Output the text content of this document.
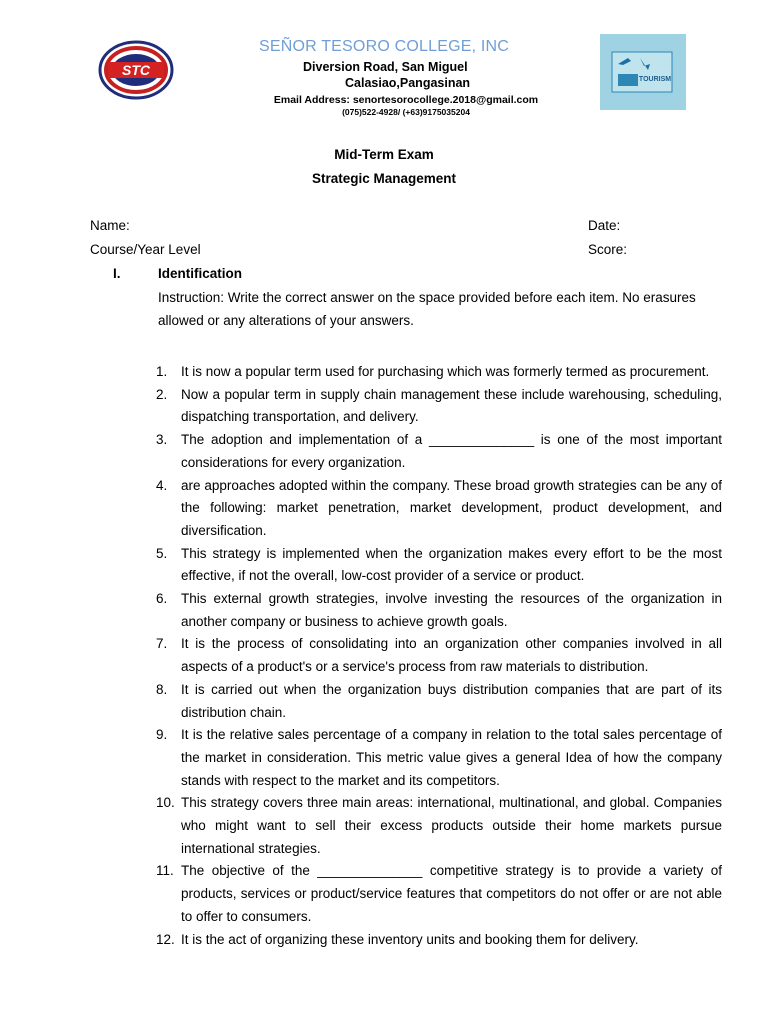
STC
SEÑOR TESORO COLLEGE, INC
Diversion Road, San Miguel
Calasiao,Pangasinan
Email Address: senortesorocollege.2018@gmail.com
(075)522-4928/ (+63)9175035204
TOURISM
Mid-Term Exam
Strategic Management
Name:	Date:
Course/Year Level	Score:
I.	Identification
Instruction: Write the correct answer on the space provided before each item. No erasures allowed or any alterations of your answers.
1.	It is now a popular term used for purchasing which was formerly termed as procurement.
2.	Now a popular term in supply chain management these include warehousing, scheduling, dispatching transportation, and delivery.
3.	The adoption and implementation of a ______________ is one of the most important considerations for every organization.
4.	are approaches adopted within the company. These broad growth strategies can be any of the following: market penetration, market development, product development, and diversification.
5.	This strategy is implemented when the organization makes every effort to be the most effective, if not the overall, low-cost provider of a service or product.
6.	This external growth strategies, involve investing the resources of the organization in another company or business to achieve growth goals.
7.	It is the process of consolidating into an organization other companies involved in all aspects of a product's or a service's process from raw materials to distribution.
8.	It is carried out when the organization buys distribution companies that are part of its distribution chain.
9.	It is the relative sales percentage of a company in relation to the total sales percentage of the market in consideration. This metric value gives a general Idea of how the company stands with respect to the market and its competitors.
10. This strategy covers three main areas: international, multinational, and global. Companies who might want to sell their excess products outside their home markets pursue international strategies.
11. The objective of the ______________ competitive strategy is to provide a variety of products, services or product/service features that competitors do not offer or are not able to offer to consumers.
12. It is the act of organizing these inventory units and booking them for delivery.
